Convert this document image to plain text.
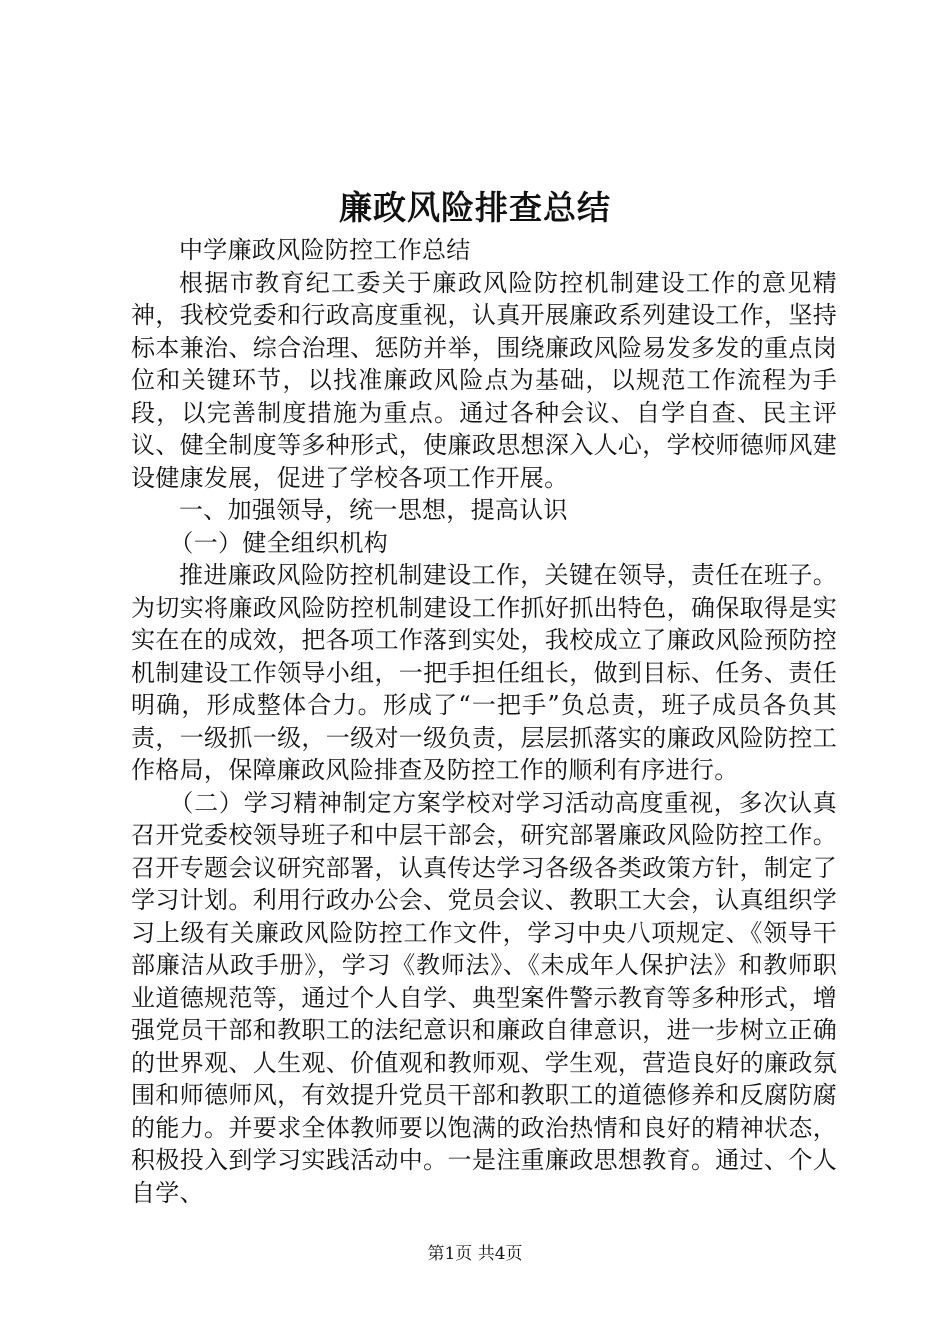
廉政风险排查总结

中学廉政风险防控工作总结

根据市教育纪工委关于廉政风险防控机制建设工作的意见精神，我校党委和行政高度重视，认真开展廉政系列建设工作，坚持标本兼治、综合治理、惩防并举，围绕廉政风险易发多发的重点岗位和关键环节，以找准廉政风险点为基础，以规范工作流程为手段，以完善制度措施为重点。通过各种会议、自学自查、民主评议、健全制度等多种形式，使廉政思想深入人心，学校师德师风建设健康发展，促进了学校各项工作开展。

一、加强领导，统一思想，提高认识

（一）健全组织机构

推进廉政风险防控机制建设工作，关键在领导，责任在班子。为切实将廉政风险防控机制建设工作抓好抓出特色，确保取得是实实在在的成效，把各项工作落到实处，我校成立了廉政风险预防控机制建设工作领导小组，一把手担任组长，做到目标、任务、责任明确，形成整体合力。形成了“一把手”负总责，班子成员各负其责，一级抓一级，一级对一级负责，层层抓落实的廉政风险防控工作格局，保障廉政风险排查及防控工作的顺利有序进行。

（二）学习精神制定方案学校对学习活动高度重视，多次认真召开党委校领导班子和中层干部会，研究部署廉政风险防控工作。召开专题会议研究部署，认真传达学习各级各类政策方针，制定了学习计划。利用行政办公会、党员会议、教职工大会，认真组织学习上级有关廉政风险防控工作文件，学习中央八项规定、《领导干部廉洁从政手册》，学习《教师法》、《未成年人保护法》和教师职业道德规范等，通过个人自学、典型案件警示教育等多种形式，增强党员干部和教职工的法纪意识和廉政自律意识，进一步树立正确的世界观、人生观、价值观和教师观、学生观，营造良好的廉政氛围和师德师风，有效提升党员干部和教职工的道德修养和反腐防腐的能力。并要求全体教师要以饱满的政治热情和良好的精神状态，积极投入到学习实践活动中。一是注重廉政思想教育。通过、个人自学、

第1页 共4页
